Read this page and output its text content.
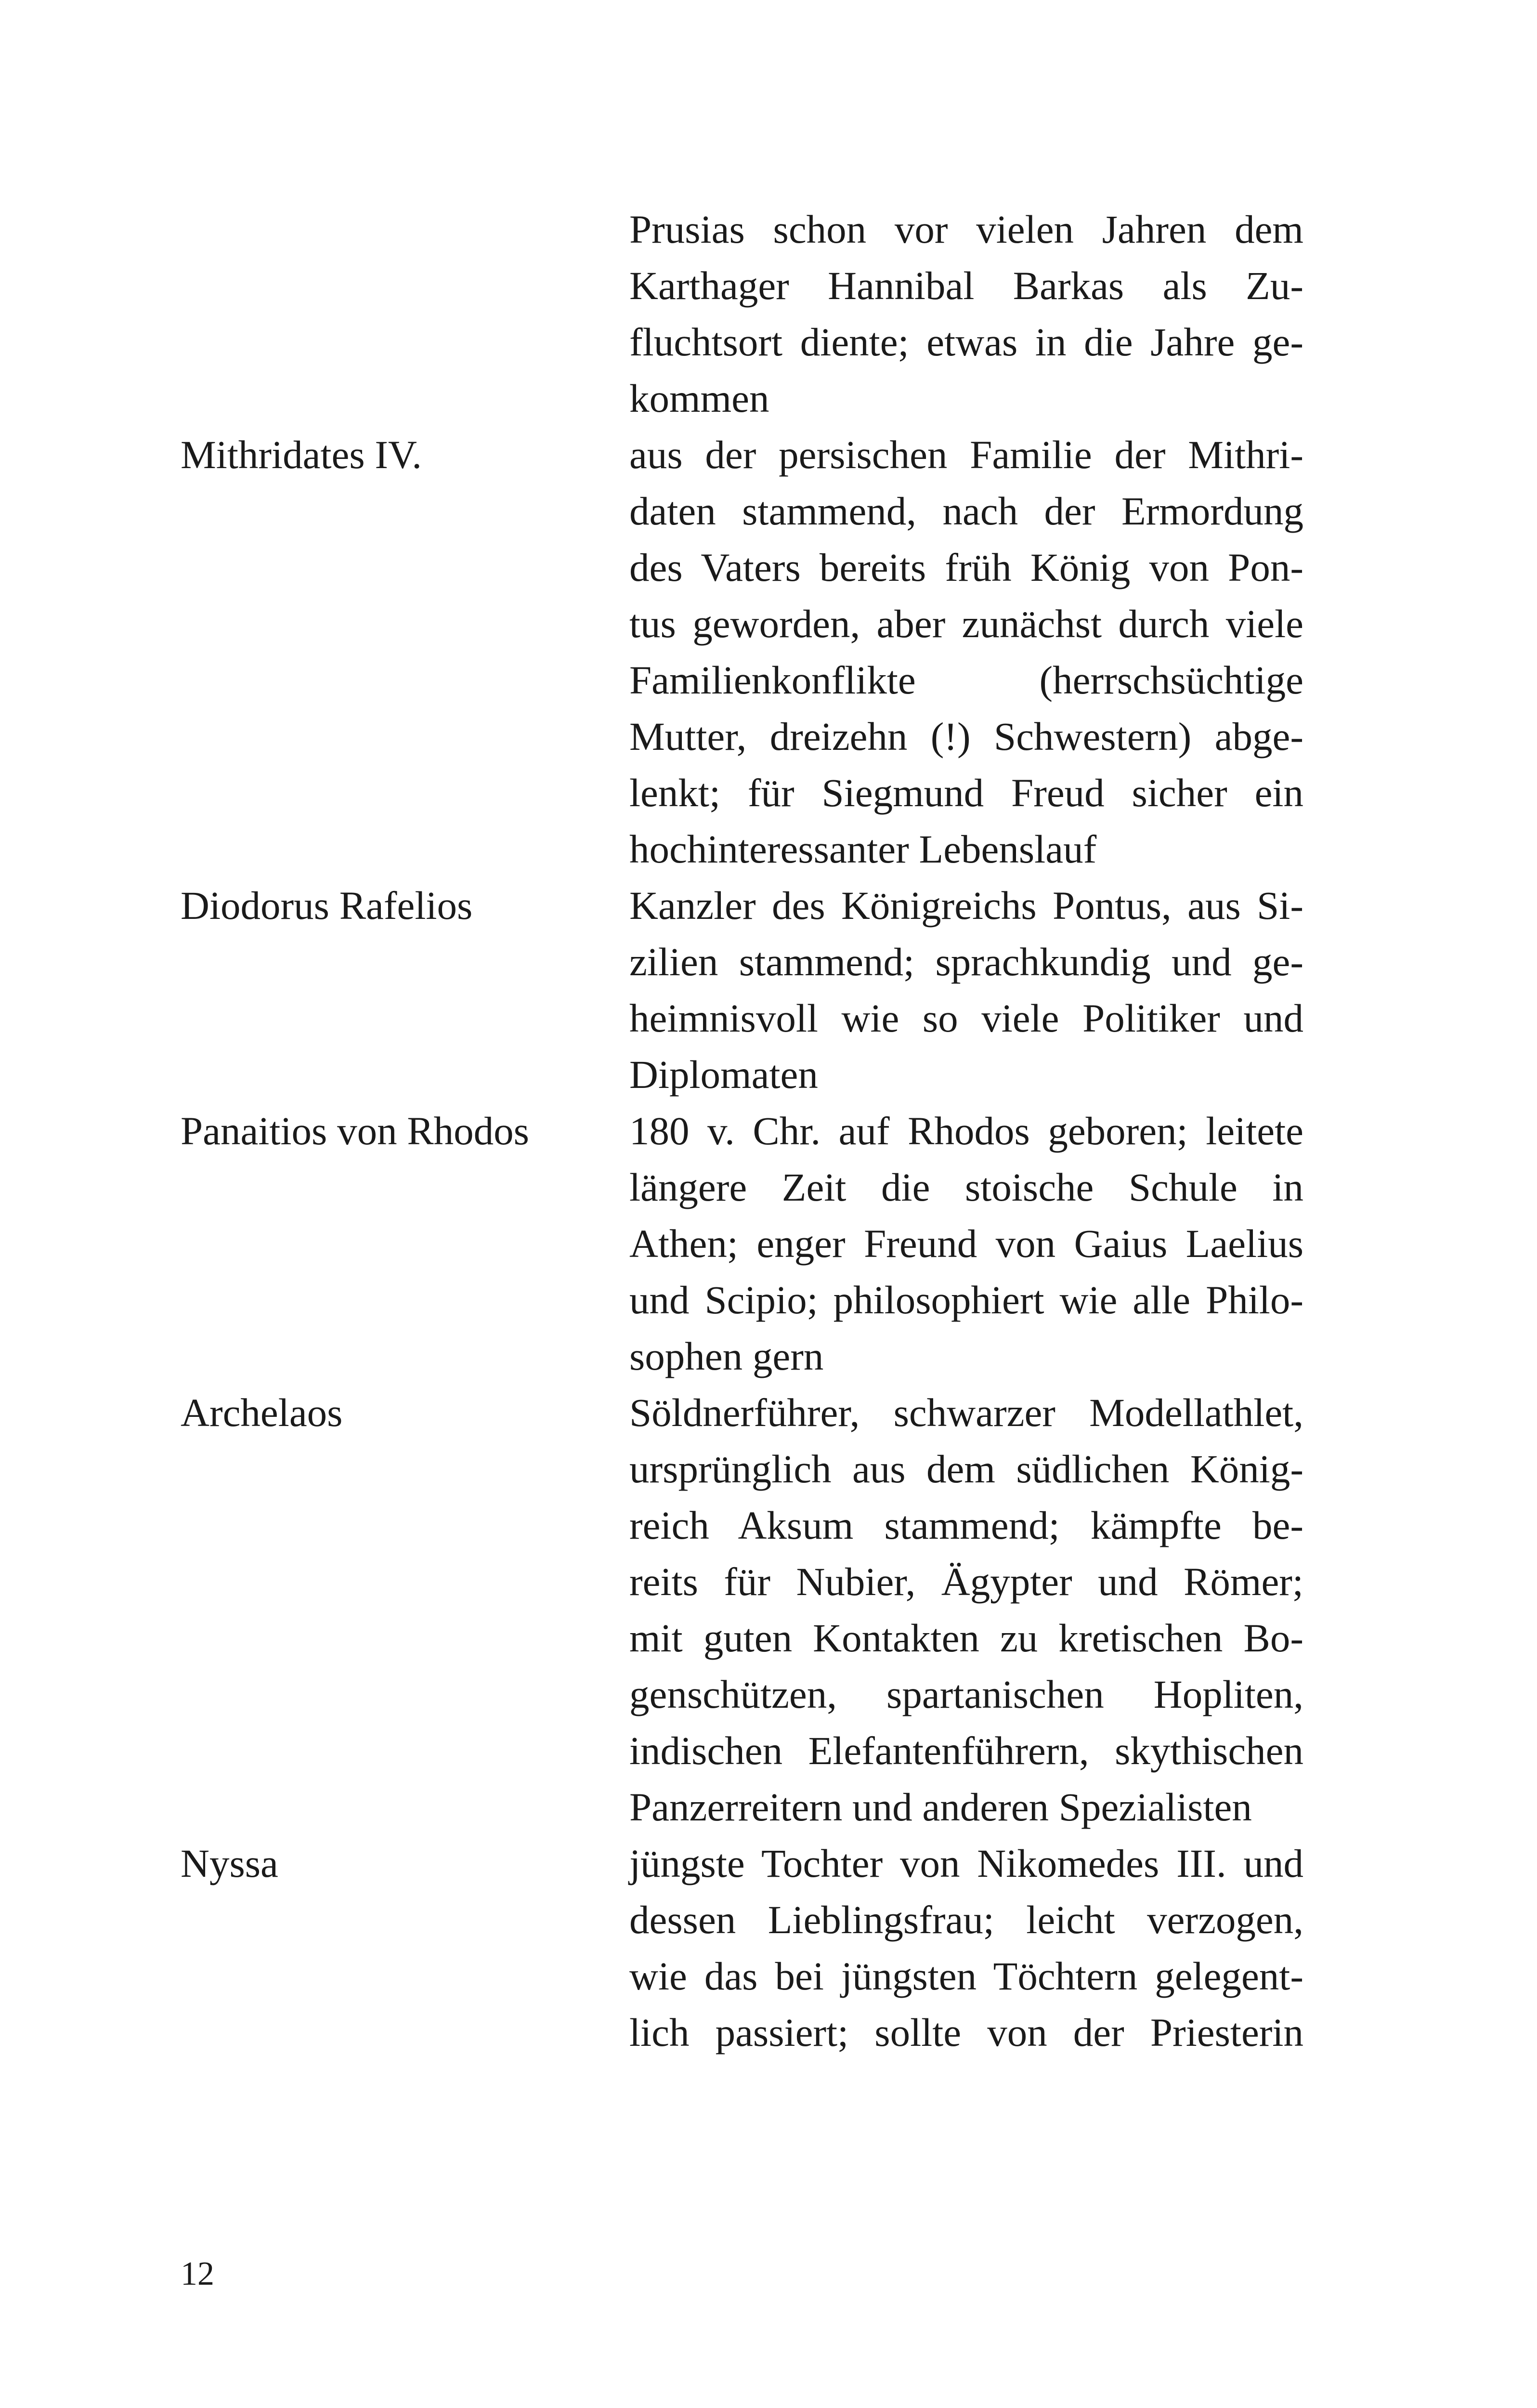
Prusias schon vor vielen Jahren dem
Karthager Hannibal Barkas als Zu-
fluchtsort diente; etwas in die Jahre ge-
kommen
Mithridates IV.	aus der persischen Familie der Mithri-
daten stammend, nach der Ermordung
des Vaters bereits früh König von Pon-
tus geworden, aber zunächst durch viele
Familienkonflikte (herrschsüchtige
Mutter, dreizehn (!) Schwestern) abge-
lenkt; für Siegmund Freud sicher ein
hochinteressanter Lebenslauf
Diodorus Rafelios	Kanzler des Königreichs Pontus, aus Si-
zilien stammend; sprachkundig und ge-
heimnisvoll wie so viele Politiker und
Diplomaten
Panaitios von Rhodos	180 v. Chr. auf Rhodos geboren; leitete
längere Zeit die stoische Schule in
Athen; enger Freund von Gaius Laelius
und Scipio; philosophiert wie alle Philo-
sophen gern
Archelaos	Söldnerführer, schwarzer Modellathlet,
ursprünglich aus dem südlichen König-
reich Aksum stammend; kämpfte be-
reits für Nubier, Ägypter und Römer;
mit guten Kontakten zu kretischen Bo-
genschützen, spartanischen Hopliten,
indischen Elefantenführern, skythischen
Panzerreitern und anderen Spezialisten
Nyssa	jüngste Tochter von Nikomedes III. und
dessen Lieblingsfrau; leicht verzogen,
wie das bei jüngsten Töchtern gelegent-
lich passiert; sollte von der Priesterin
12
